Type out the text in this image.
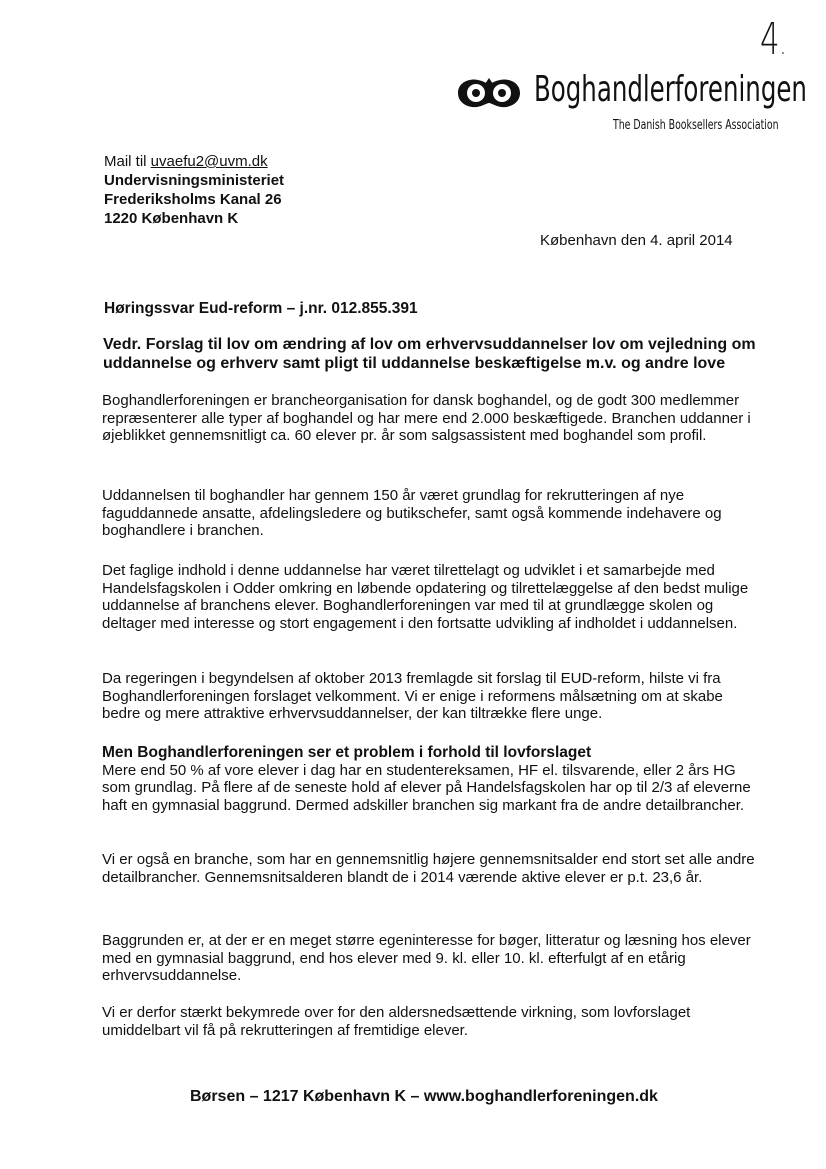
4.
Boghandlerforeningen
The Danish Booksellers Association
Mail til uvaefu2@uvm.dk
Undervisningsministeriet
Frederiksholms Kanal 26
1220 København K
København den 4. april 2014
Høringssvar Eud-reform – j.nr. 012.855.391
Vedr. Forslag til lov om ændring af lov om erhvervsuddannelser lov om vejledning om uddannelse og erhverv samt pligt til uddannelse beskæftigelse m.v. og andre love

Boghandlerforeningen er brancheorganisation for dansk boghandel, og de godt 300 medlemmer repræsenterer alle typer af boghandel og har mere end 2.000 beskæftigede. Branchen uddanner i øjeblikket gennemsnitligt ca. 60 elever pr. år som salgsassistent med boghandel som profil.

Uddannelsen til boghandler har gennem 150 år været grundlag for rekrutteringen af nye faguddannede ansatte, afdelingsledere og butikschefer, samt også kommende indehavere og boghandlere i branchen.

Det faglige indhold i denne uddannelse har været tilrettelagt og udviklet i et samarbejde med Handelsfagskolen i Odder omkring en løbende opdatering og tilrettelæggelse af den bedst mulige uddannelse af branchens elever. Boghandlerforeningen var med til at grundlægge skolen og deltager med interesse og stort engagement i den fortsatte udvikling af indholdet i uddannelsen.

Da regeringen i begyndelsen af oktober 2013 fremlagde sit forslag til EUD-reform, hilste vi fra Boghandlerforeningen forslaget velkomment. Vi er enige i reformens målsætning om at skabe bedre og mere attraktive erhvervsuddannelser, der kan tiltrække flere unge.

Men Boghandlerforeningen ser et problem i forhold til lovforslaget

Mere end 50 % af vore elever i dag har en studentereksamen, HF el. tilsvarende, eller 2 års HG som grundlag. På flere af de seneste hold af elever på Handelsfagskolen har op til 2/3 af eleverne haft en gymnasial baggrund. Dermed adskiller branchen sig markant fra de andre detailbrancher.

Vi er også en branche, som har en gennemsnitlig højere gennemsnitsalder end stort set alle andre detailbrancher. Gennemsnitsalderen blandt de i 2014 værende aktive elever er p.t. 23,6 år.

Baggrunden er, at der er en meget større egeninteresse for bøger, litteratur og læsning hos elever med en gymnasial baggrund, end hos elever med 9. kl. eller 10. kl. efterfulgt af en etårig erhvervsuddannelse.

Vi er derfor stærkt bekymrede over for den aldersnedsættende virkning, som lovforslaget umiddelbart vil få på rekrutteringen af fremtidige elever.

Børsen – 1217 København K – www.boghandlerforeningen.dk
